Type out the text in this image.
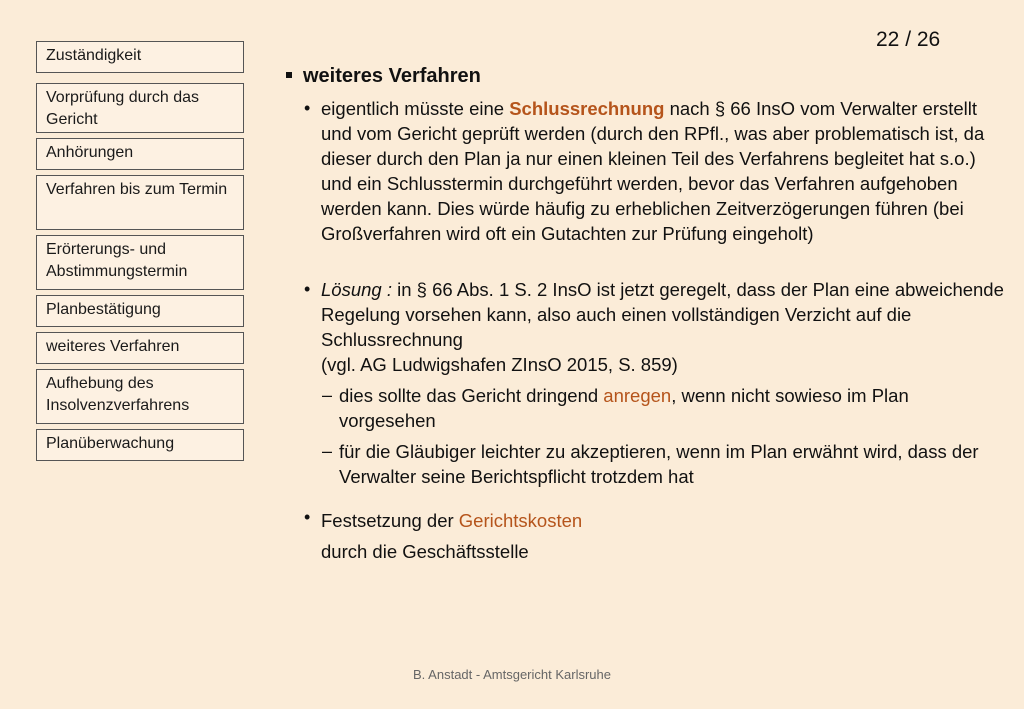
22 / 26
Zuständigkeit
Vorprüfung durch das Gericht
Anhörungen
Verfahren bis zum Termin
Erörterungs- und Abstimmungstermin
Planbestätigung
weiteres Verfahren
Aufhebung des Insolvenzverfahrens
Planüberwachung
weiteres Verfahren
• eigentlich müsste eine Schlussrechnung nach § 66 InsO vom Verwalter erstellt und vom Gericht geprüft werden (durch den RPfl., was aber problematisch ist, da dieser durch den Plan ja nur einen kleinen Teil des Verfahrens begleitet hat s.o.) und ein Schlusstermin durchgeführt werden, bevor das Verfahren aufgehoben werden kann. Dies würde häufig zu erheblichen Zeitverzögerungen führen (bei Großverfahren wird oft ein Gutachten zur Prüfung eingeholt)
• Lösung : in § 66 Abs. 1 S. 2 InsO ist jetzt geregelt, dass der Plan eine abweichende Regelung vorsehen kann, also auch einen vollständigen Verzicht auf die Schlussrechnung
(vgl. AG Ludwigshafen ZInsO 2015, S. 859)
– dies sollte das Gericht dringend anregen, wenn nicht sowieso im Plan vorgesehen
– für die Gläubiger leichter zu akzeptieren, wenn im Plan erwähnt wird, dass der Verwalter seine Berichtspflicht trotzdem hat
• Festsetzung der Gerichtskosten
durch die Geschäftsstelle
B. Anstadt - Amtsgericht Karlsruhe
